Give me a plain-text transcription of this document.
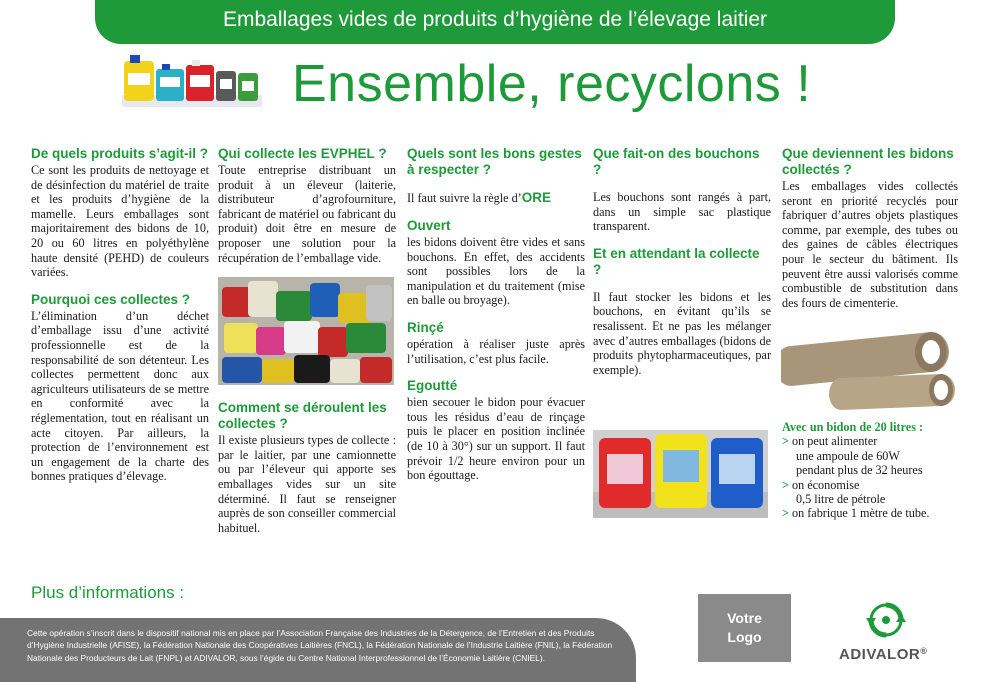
Emballages vides de produits d’hygiène de l’élevage laitier
Ensemble, recyclons !
De quels produits s’agit-il ?
Ce sont les produits de nettoyage et de désinfection du matériel de traite et les produits d’hygiène de la mamelle. Leurs emballages sont majoritairement des bidons de 10, 20 ou 60 litres en polyéthylène haute densité (PEHD) de couleurs variées.
Pourquoi ces collectes ?
L’élimination d’un déchet d’emballage issu d’une activité professionnelle est de la responsabilité de son détenteur. Les collectes permettent donc aux agriculteurs utilisateurs de se mettre en conformité avec la réglementation, tout en réalisant un acte citoyen. Par ailleurs, la protection de l’environnement est un engagement de la charte des bonnes pratiques d’élevage.
Qui collecte les EVPHEL ?
Toute entreprise distribuant un produit à un éleveur (laiterie, distributeur d’agrofourniture, fabricant de matériel ou fabricant du produit) doit être en mesure de proposer une solution pour la récupération de l’emballage vide.
Comment se déroulent les collectes ?
Il existe plusieurs types de collecte : par le laitier, par une camionnette ou par l’éleveur qui apporte ses emballages vides sur un site déterminé. Il faut se renseigner auprès de son conseiller commercial habituel.
Quels sont les bons gestes à respecter ?
Il faut suivre la règle d’ORE
Ouvert
les bidons doivent être vides et sans bouchons. En effet, des accidents sont possibles lors de la manipulation et du traitement (mise en balle ou broyage).
Rinçé
opération à réaliser juste après l’utilisation, c’est plus facile.
Egoutté
bien secouer le bidon pour évacuer tous les résidus d’eau de rinçage puis le placer en position inclinée (de 10 à 30°) sur un support. Il faut prévoir 1/2 heure environ pour un bon égouttage.
Que fait-on des bouchons ?
Les bouchons sont rangés à part, dans un simple sac plastique transparent.
Et en attendant la collecte ?
Il faut stocker les bidons et les bouchons, en évitant qu’ils se resalissent. Et ne pas les mélanger avec d’autres emballages (bidons de produits phytopharmaceutiques, par exemple).
Que deviennent les bidons collectés ?
Les emballages vides collectés seront en priorité recyclés pour fabriquer d’autres objets plastiques comme, par exemple, des tubes ou des gaines de câbles électriques pour le secteur du bâtiment. Ils peuvent être aussi valorisés comme combustible de substitution dans des fours de cimenterie.
Avec un bidon de 20 litres :
> on peut alimenter
une ampoule de 60W
pendant plus de 32 heures
> on économise
0,5 litre de pétrole
> on fabrique 1 mètre de tube.
Plus d’informations :
Cette opération s’inscrit dans le dispositif national mis en place par l’Association Française des Industries de la Détergence, de l’Entretien et des Produits d’Hygiène Industrielle (AFISE), la Fédération Nationale des Coopératives Laitières (FNCL), la Fédération Nationale de l’Industrie Laitière (FNIL), la Fédération Nationale des Producteurs de Lait (FNPL) et ADIVALOR, sous l’égide du Centre National Interprofessionnel de l’Économie Laitière (CNIEL).
Votre
Logo
ADIVALOR®
